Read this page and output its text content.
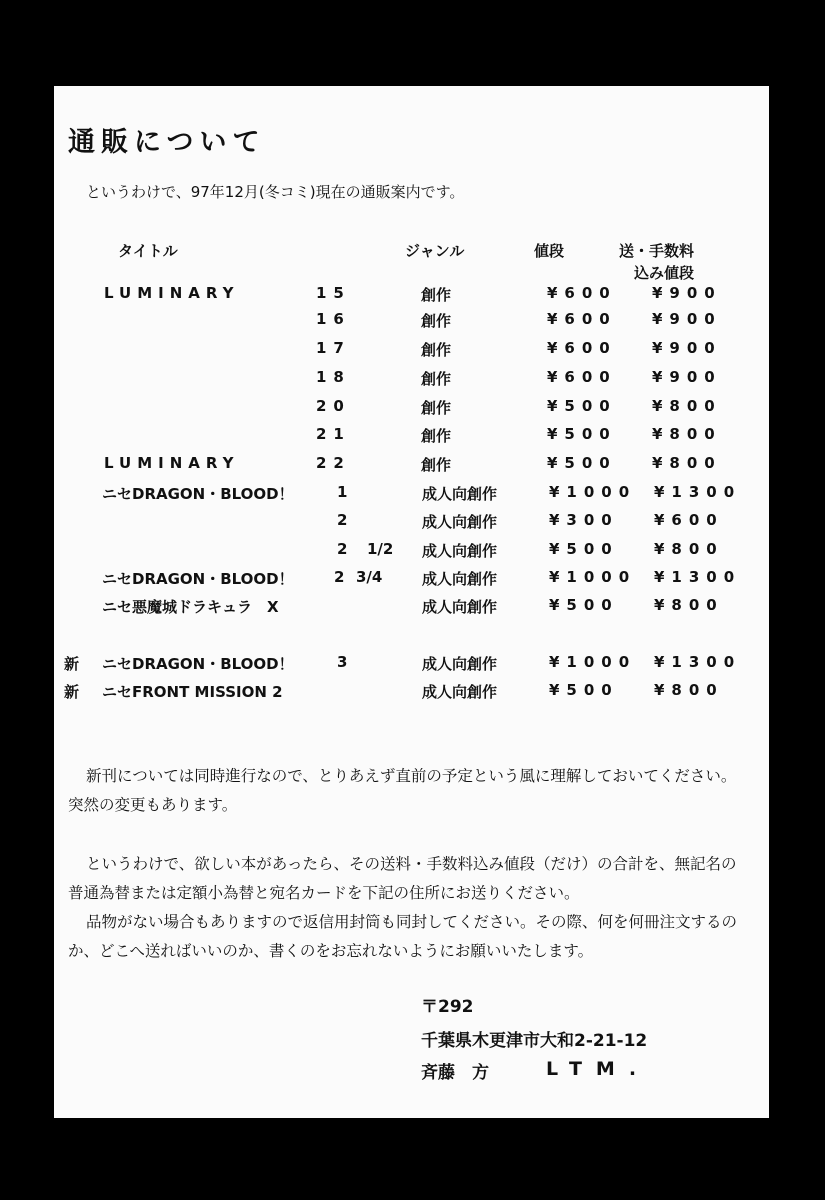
通販について
というわけで、97年12月(冬コミ)現在の通販案内です。
タイトル	ジャンル	値段	送・手数料
込み値段
LUMINARY	15	創作	¥600 ¥900
16	創作	¥600 ¥900
17	創作	¥600 ¥900
18	創作	¥600 ¥900
20	創作	¥500 ¥800
21	創作	¥500 ¥800
LUMINARY	22	創作	¥500 ¥800
ニセDRAGON・BLOOD！	1	成人向創作	¥1000 ¥1300
2	成人向創作	¥300 ¥600
2 1/2 成人向創作	¥500 ¥800
ニセDRAGON・BLOOD！	2 3/4	成人向創作	¥1000 ¥1300
ニセ悪魔城ドラキュラ　X	成人向創作	¥500 ¥800
新 ニセDRAGON・BLOOD！	3	成人向創作	¥1000 ¥1300
新 ニセFRONT MISSION 2	成人向創作	¥500 ¥800
新刊については同時進行なので、とりあえず直前の予定という風に理解しておいてください。突然の変更もあります。
というわけで、欲しい本があったら、その送料・手数料込み値段（だけ）の合計を、無記名の普通為替または定額小為替と宛名カードを下記の住所にお送りください。
品物がない場合もありますので返信用封筒も同封してください。その際、何を何冊注文するのか、どこへ送ればいいのか、書くのをお忘れないようにお願いいたします。
〒292
千葉県木更津市大和2-21-12
斉藤　方	LTM.
